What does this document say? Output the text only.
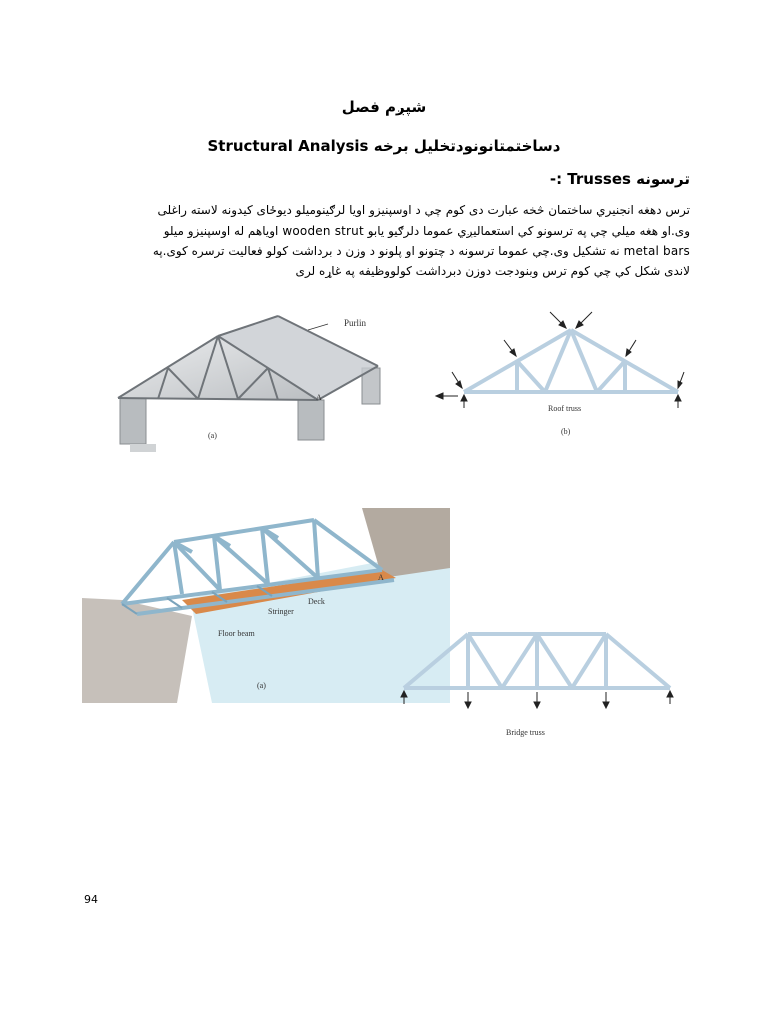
شپږم فصل
دساختمتانونودتخليل برخه Structural Analysis
ترسونه Trusses :-
ترس دهغه انجنيري ساختمان څخه عبارت دی کوم چې د اوسپنيزو اويا لرګينوميلو ديوځای کيدونه لاسته راغلی
وی.او هغه ميلې چې په ترسونو کې استعماليږي عموما دلرګيو يابو wooden strut اوياهم له اوسپنيزو ميلو
metal bars نه تشکيل وی.چې عموما ترسونه د چتونو او پلونو د وزن د برداشت کولو فعاليت ترسره کوی.په
لاندی شکل کې چې کوم ترس وبنودجت دوزن دبرداشت کولووظيفه په غاړه لری
Purlin
A
(a)
Roof truss
(b)
Deck
Stringer
Floor beam
A
(a)
Bridge truss
94
